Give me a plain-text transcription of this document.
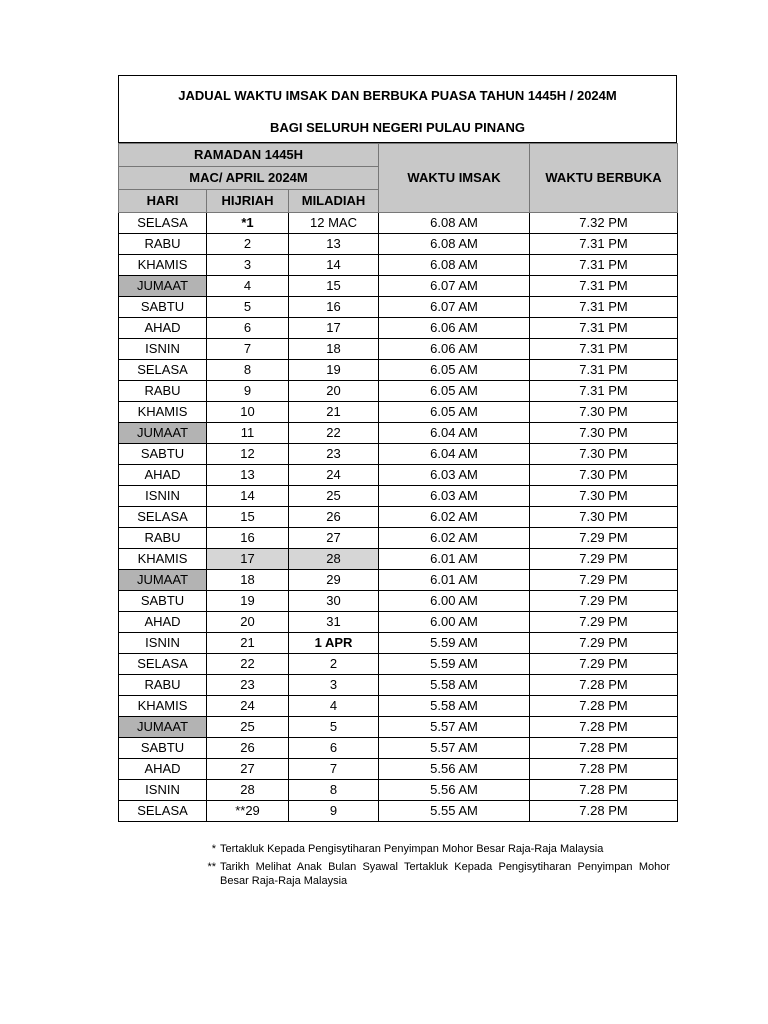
JADUAL WAKTU IMSAK DAN BERBUKA PUASA TAHUN 1445H / 2024M
BAGI SELURUH NEGERI PULAU PINANG
RAMADAN 1445H			WAKTU IMSAK	WAKTU BERBUKA
MAC/ APRIL 2024M				
HARI	HIJRIAH	MILADIAH		
SELASA	*1	12 MAC	6.08 AM	7.32 PM
RABU	2	13	6.08 AM	7.31 PM
KHAMIS	3	14	6.08 AM	7.31 PM
JUMAAT	4	15	6.07 AM	7.31 PM
SABTU	5	16	6.07 AM	7.31 PM
AHAD	6	17	6.06 AM	7.31 PM
ISNIN	7	18	6.06 AM	7.31 PM
SELASA	8	19	6.05 AM	7.31 PM
RABU	9	20	6.05 AM	7.31 PM
KHAMIS	10	21	6.05 AM	7.30 PM
JUMAAT	11	22	6.04 AM	7.30 PM
SABTU	12	23	6.04 AM	7.30 PM
AHAD	13	24	6.03 AM	7.30 PM
ISNIN	14	25	6.03 AM	7.30 PM
SELASA	15	26	6.02 AM	7.30 PM
RABU	16	27	6.02 AM	7.29 PM
KHAMIS	17	28	6.01 AM	7.29 PM
JUMAAT	18	29	6.01 AM	7.29 PM
SABTU	19	30	6.00 AM	7.29 PM
AHAD	20	31	6.00 AM	7.29 PM
ISNIN	21	1 APR	5.59 AM	7.29 PM
SELASA	22	2	5.59 AM	7.29 PM
RABU	23	3	5.58 AM	7.28 PM
KHAMIS	24	4	5.58 AM	7.28 PM
JUMAAT	25	5	5.57 AM	7.28 PM
SABTU	26	6	5.57 AM	7.28 PM
AHAD	27	7	5.56 AM	7.28 PM
ISNIN	28	8	5.56 AM	7.28 PM
SELASA	**29	9	5.55 AM	7.28 PM
* Tertakluk Kepada Pengisytiharan Penyimpan Mohor Besar Raja-Raja Malaysia
** Tarikh Melihat Anak Bulan Syawal Tertakluk Kepada Pengisytiharan Penyimpan Mohor Besar Raja-Raja Malaysia
